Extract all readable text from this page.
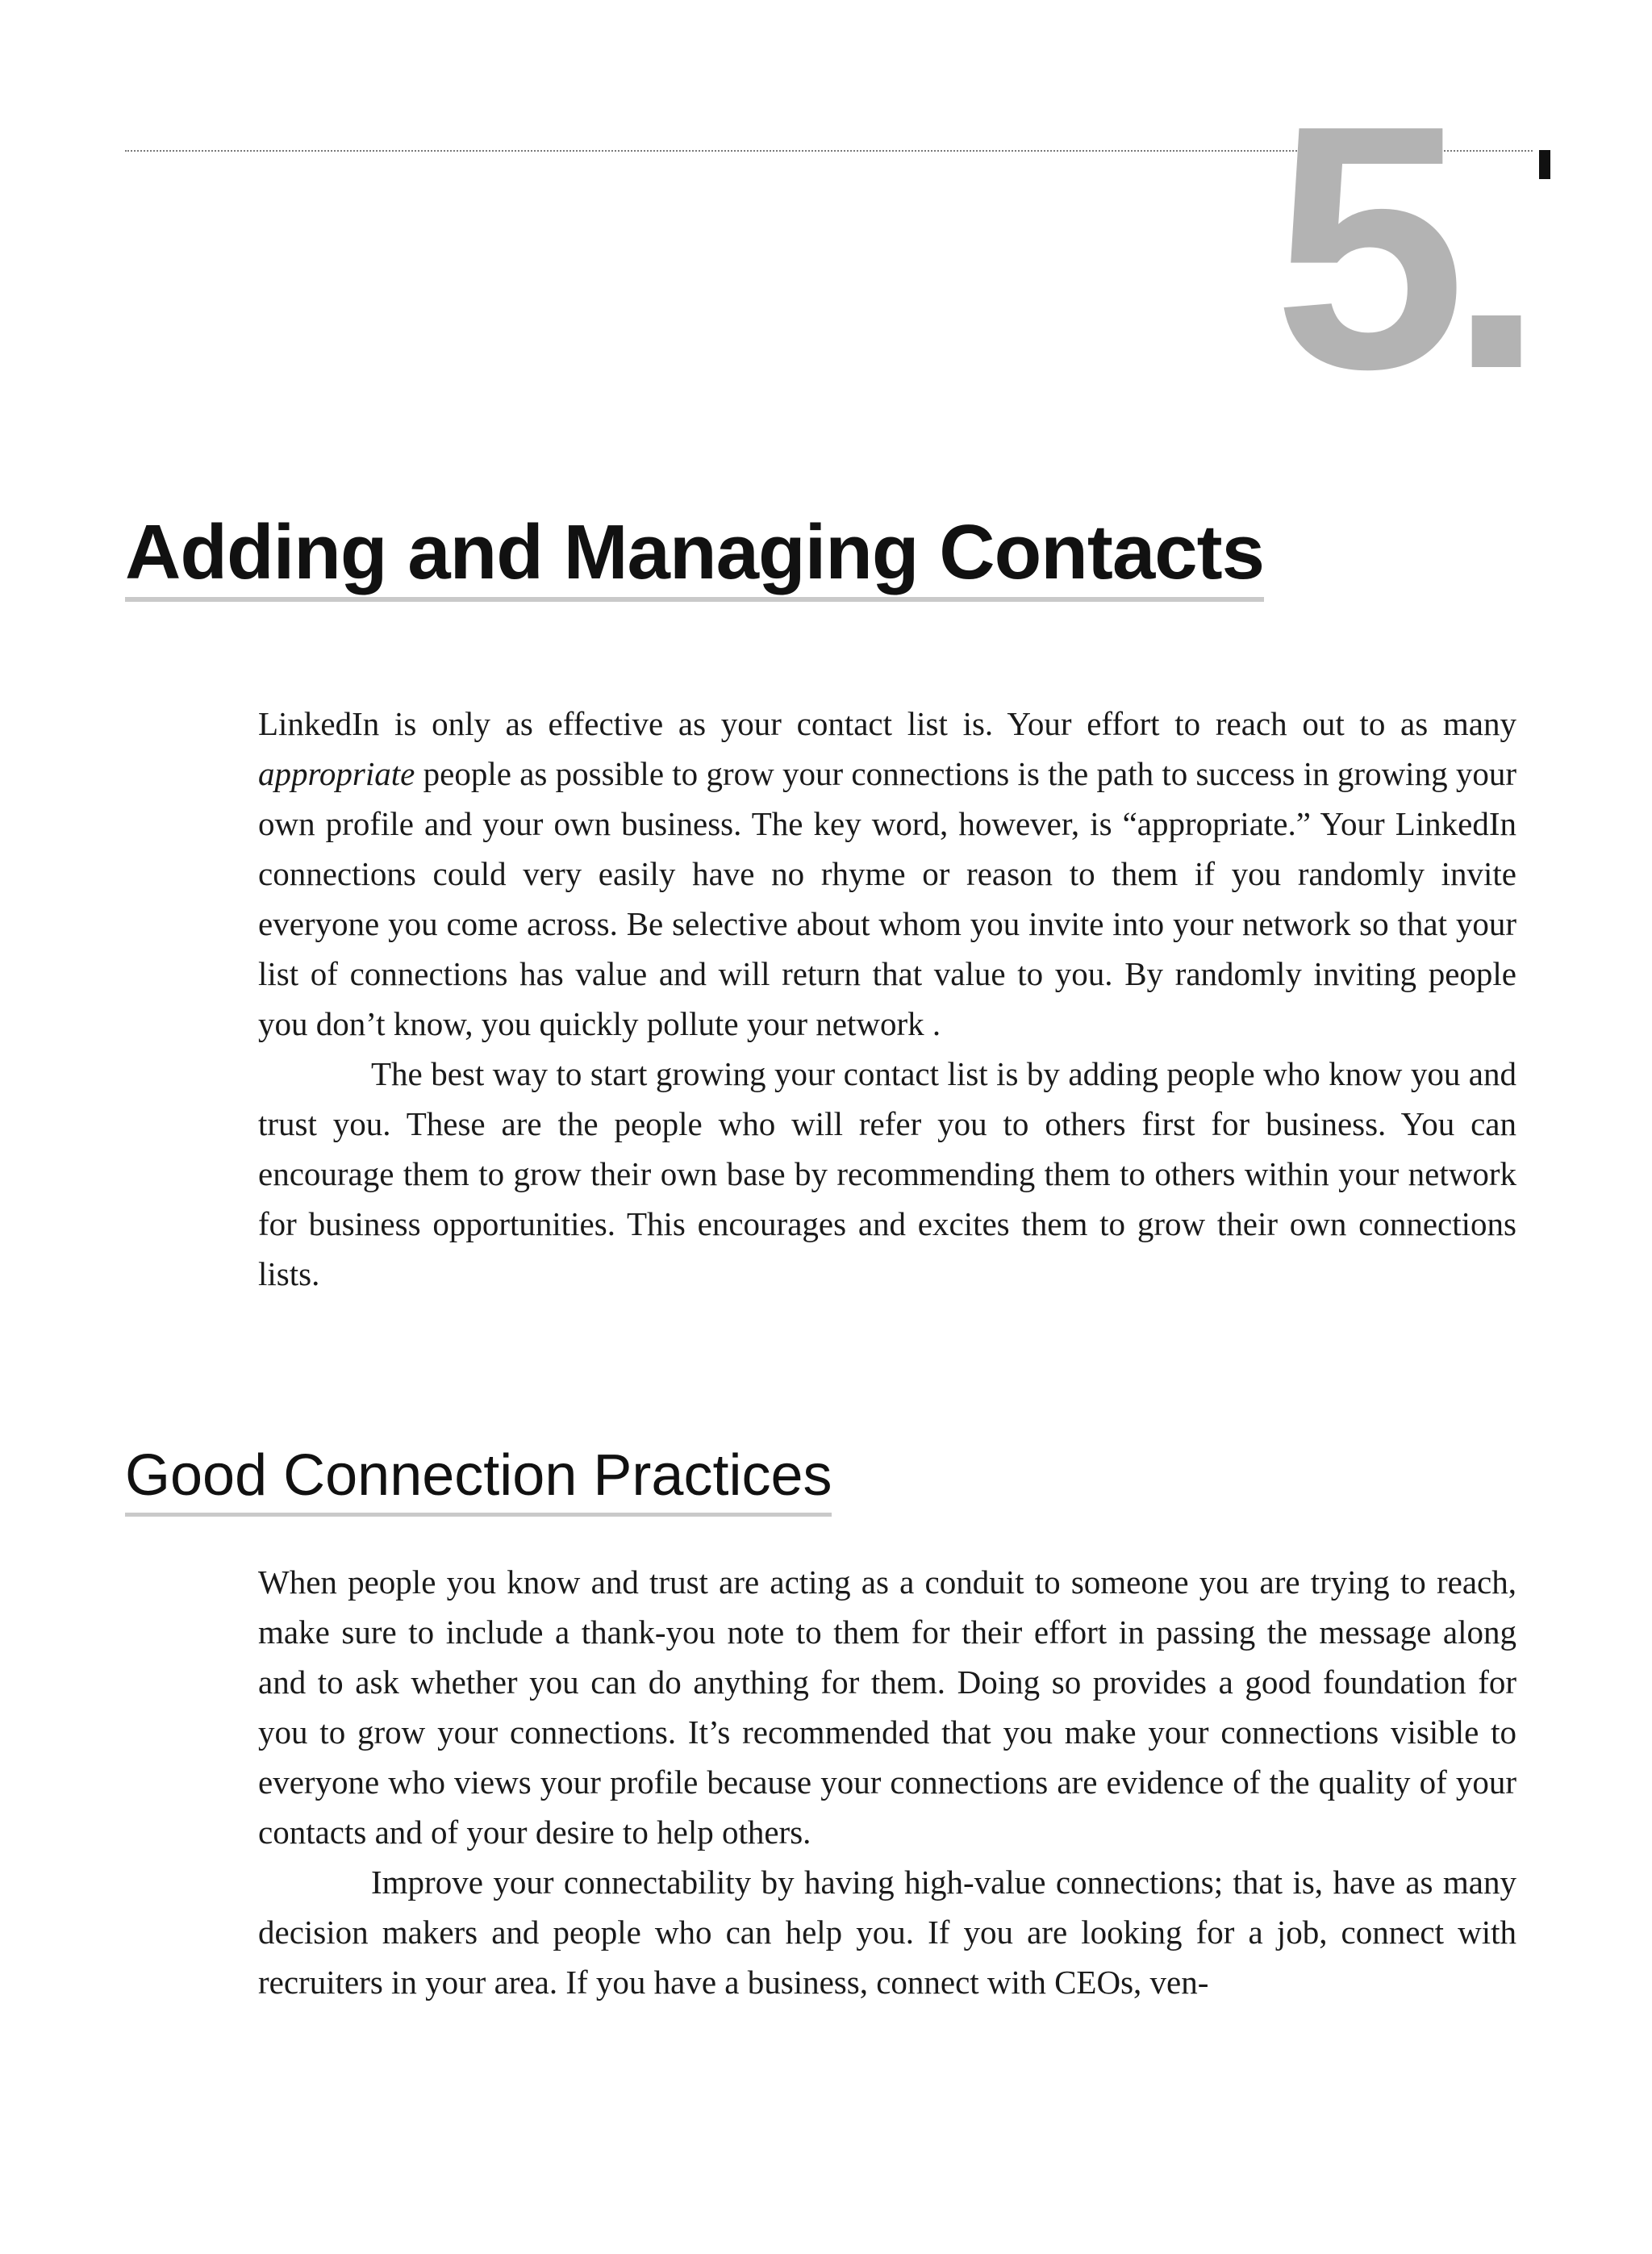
5.
Adding and Managing Contacts

LinkedIn is only as effective as your contact list is. Your effort to reach out to as many appropriate people as possible to grow your connections is the path to success in growing your own profile and your own business. The key word, however, is “appropriate.” Your LinkedIn connections could very easily have no rhyme or reason to them if you randomly invite everyone you come across. Be selective about whom you invite into your network so that your list of connections has value and will return that value to you. By randomly inviting people you don’t know, you quickly pollute your network .

The best way to start growing your contact list is by adding people who know you and trust you. These are the people who will refer you to others first for business. You can encourage them to grow their own base by recommending them to others within your network for business opportunities. This encourages and excites them to grow their own connections lists.

Good Connection Practices

When people you know and trust are acting as a conduit to someone you are trying to reach, make sure to include a thank-you note to them for their effort in passing the message along and to ask whether you can do anything for them. Doing so provides a good foundation for you to grow your connections. It’s recommended that you make your connections visible to everyone who views your profile because your connections are evidence of the quality of your contacts and of your desire to help others.

Improve your connectability by having high-value connections; that is, have as many decision makers and people who can help you. If you are looking for a job, connect with recruiters in your area. If you have a business, connect with CEOs, ven-
